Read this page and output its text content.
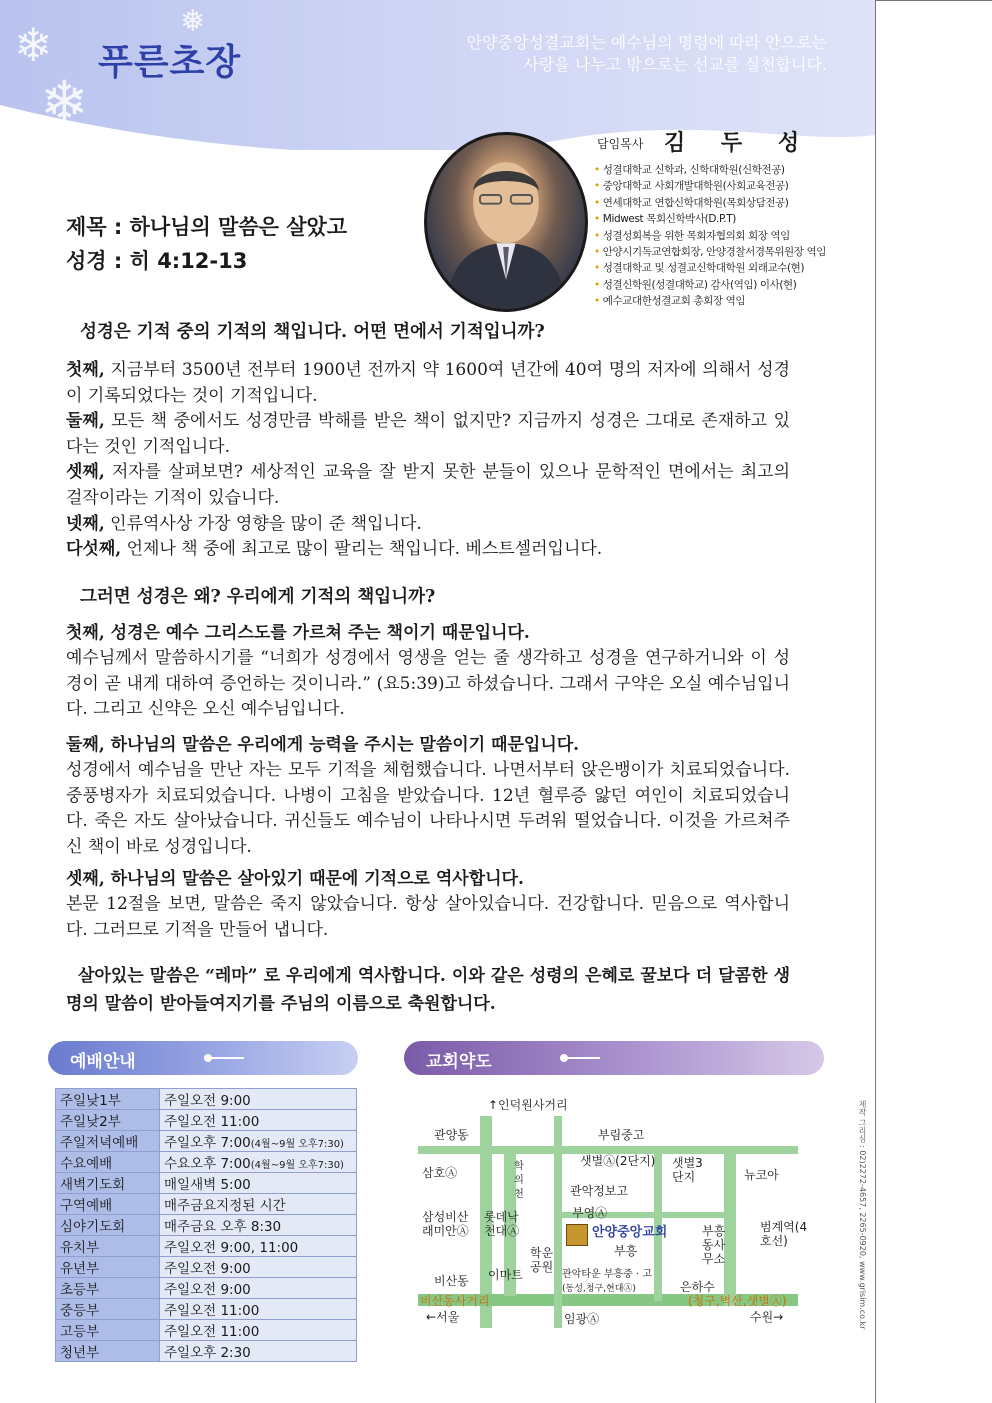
❄
❄
❅
푸른초장	안양중앙성결교회는 예수님의 명령에 따라 안으로는
사랑을 나누고 밖으로는 선교를 실천합니다.
제목 : 하나님의 말씀은 살았고
성경 : 히 4:12-13
담임목사 김 두 성
• 성결대학교 신학과, 신학대학원(신학전공)
• 중앙대학교 사회개발대학원(사회교육전공)
• 연세대학교 연합신학대학원(목회상담전공)
• Midwest 목회신학박사(D.P.T)
• 성결성회복을 위한 목회자협의회 회장 역임
• 안양시기독교연합회장, 안양경찰서경목위원장 역임
• 성결대학교 및 성결교신학대학원 외래교수(현)
• 성결신학원(성결대학교) 감사(역임) 이사(현)
• 예수교대한성결교회 총회장 역임
성경은 기적 중의 기적의 책입니다. 어떤 면에서 기적입니까?

첫째, 지금부터 3500년 전부터 1900년 전까지 약 1600여 년간에 40여 명의 저자에 의해서 성경이 기록되었다는 것이 기적입니다.

둘째, 모든 책 중에서도 성경만큼 박해를 받은 책이 없지만? 지금까지 성경은 그대로 존재하고 있다는 것인 기적입니다.

셋째, 저자를 살펴보면? 세상적인 교육을 잘 받지 못한 분들이 있으나 문학적인 면에서는 최고의 걸작이라는 기적이 있습니다.

넷째, 인류역사상 가장 영향을 많이 준 책입니다.

다섯째, 언제나 책 중에 최고로 많이 팔리는 책입니다. 베스트셀러입니다.

그러면 성경은 왜? 우리에게 기적의 책입니까?

첫째, 성경은 예수 그리스도를 가르쳐 주는 책이기 때문입니다.

예수님께서 말씀하시기를 “너희가 성경에서 영생을 얻는 줄 생각하고 성경을 연구하거니와 이 성경이 곧 내게 대하여 증언하는 것이니라.” (요5:39)고 하셨습니다. 그래서 구약은 오실 예수님입니다. 그리고 신약은 오신 예수님입니다.

둘째, 하나님의 말씀은 우리에게 능력을 주시는 말씀이기 때문입니다.

성경에서 예수님을 만난 자는 모두 기적을 체험했습니다. 나면서부터 앉은뱅이가 치료되었습니다. 중풍병자가 치료되었습니다. 나병이 고침을 받았습니다. 12년 혈루증 앓던 여인이 치료되었습니다. 죽은 자도 살아났습니다. 귀신들도 예수님이 나타나시면 두려워 떨었습니다. 이것을 가르쳐주신 책이 바로 성경입니다.

셋째, 하나님의 말씀은 살아있기 때문에 기적으로 역사합니다.

본문 12절을 보면, 말씀은 죽지 않았습니다. 항상 살아있습니다. 건강합니다. 믿음으로 역사합니다. 그러므로 기적을 만들어 냅니다.

살아있는 말씀은 “레마” 로 우리에게 역사합니다. 이와 같은 성령의 은혜로 꿀보다 더 달콤한 생명의 말씀이 받아들여지기를 주님의 이름으로 축원합니다.

예배안내
주일낮1부	주일오전 9:00
주일낮2부	주일오전 11:00
주일저녁예배	주일오후 7:00(4월~9월 오후7:30)
수요예배	수요오후 7:00(4월~9월 오후7:30)
새벽기도회	매일새벽 5:00
구역예배	매주금요지정된 시간
심야기도회	매주금요 오후 8:30
유치부	주일오전 9:00, 11:00
유년부	주일오전 9:00
초등부	주일오전 9:00
중등부	주일오전 11:00
고등부	주일오전 11:00
청년부	주일오후 2:30
교회약도
↑인덕원사거리
관양동	부림중고
삼호Ⓐ	학의천
샛별Ⓐ(2단지) 샛별3단지	뉴코아
관악정보고
삼성비산래미안Ⓐ
롯데낙천대Ⓐ
부영Ⓐ
안양중앙교회
부흥
부흥동사무소
범계역(4호선)
학운공원
비산동 이마트	관악타운 부흥중 · 고
(동성,청구,현대Ⓐ)	은하수
비산동사거리	(청구,벽산,샛별Ⓐ)
←서울	임광Ⓐ	수원→	제작 그리심 : 02)2272-4657, 2265-0920, www.grisim.co.kr
